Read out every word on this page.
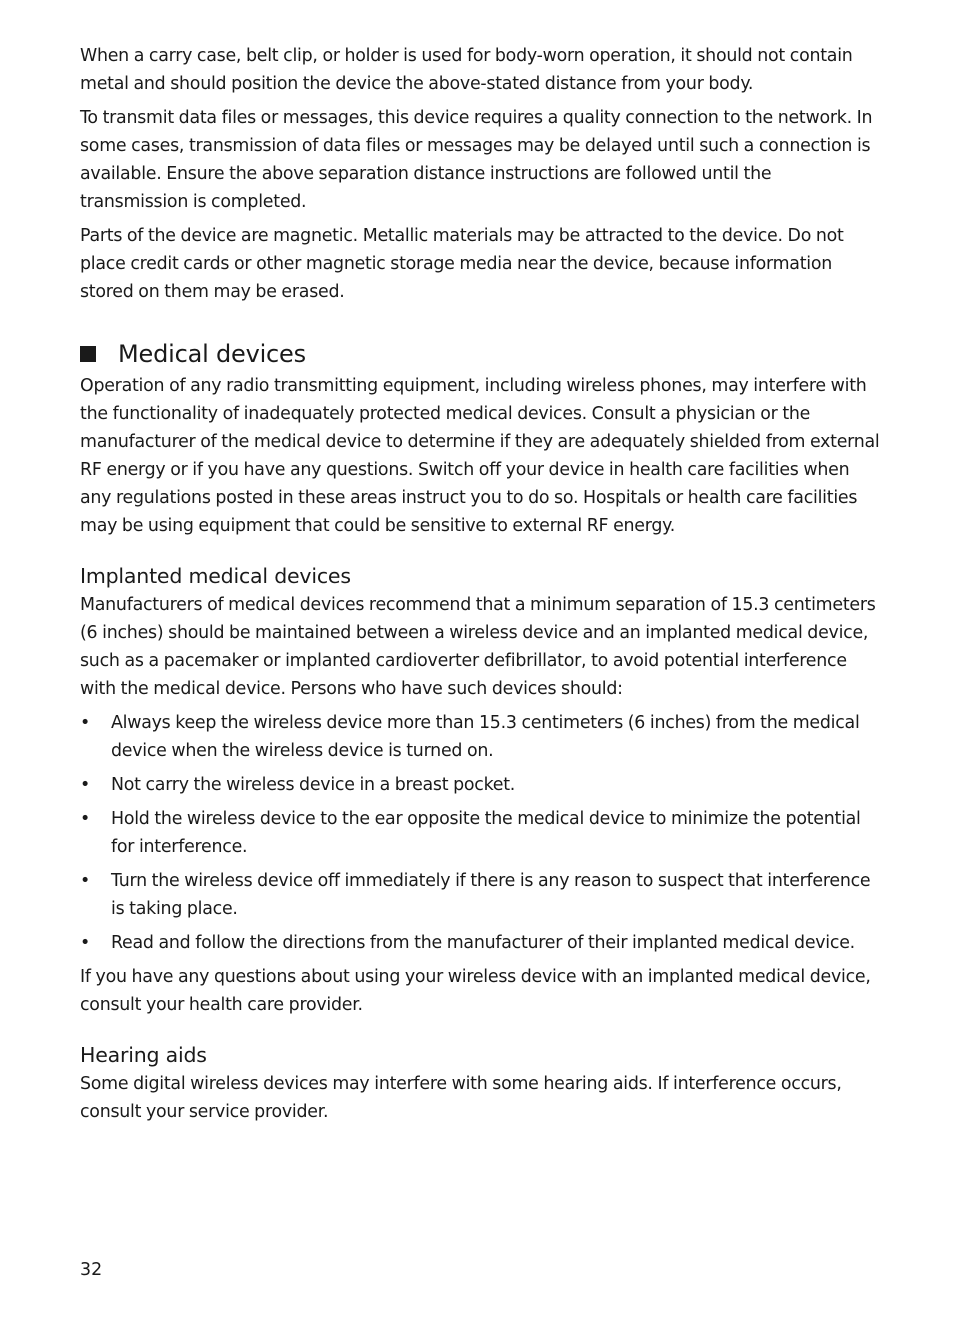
When a carry case, belt clip, or holder is used for body-worn operation, it should not contain metal and should position the device the above-stated distance from your body.

To transmit data files or messages, this device requires a quality connection to the network. In some cases, transmission of data files or messages may be delayed until such a connection is available. Ensure the above separation distance instructions are followed until the transmission is completed.

Parts of the device are magnetic. Metallic materials may be attracted to the device. Do not place credit cards or other magnetic storage media near the device, because information stored on them may be erased.

Medical devices

Operation of any radio transmitting equipment, including wireless phones, may interfere with the functionality of inadequately protected medical devices. Consult a physician or the manufacturer of the medical device to determine if they are adequately shielded from external RF energy or if you have any questions. Switch off your device in health care facilities when any regulations posted in these areas instruct you to do so. Hospitals or health care facilities may be using equipment that could be sensitive to external RF energy.

Implanted medical devices

Manufacturers of medical devices recommend that a minimum separation of 15.3 centimeters (6 inches) should be maintained between a wireless device and an implanted medical device, such as a pacemaker or implanted cardioverter defibrillator, to avoid potential interference with the medical device. Persons who have such devices should:

•	Always keep the wireless device more than 15.3 centimeters (6 inches) from the medical device when the wireless device is turned on.
•	Not carry the wireless device in a breast pocket.
•	Hold the wireless device to the ear opposite the medical device to minimize the potential for interference.
•	Turn the wireless device off immediately if there is any reason to suspect that interference is taking place.
•	Read and follow the directions from the manufacturer of their implanted medical device.

If you have any questions about using your wireless device with an implanted medical device, consult your health care provider.

Hearing aids

Some digital wireless devices may interfere with some hearing aids. If interference occurs, consult your service provider.

32
